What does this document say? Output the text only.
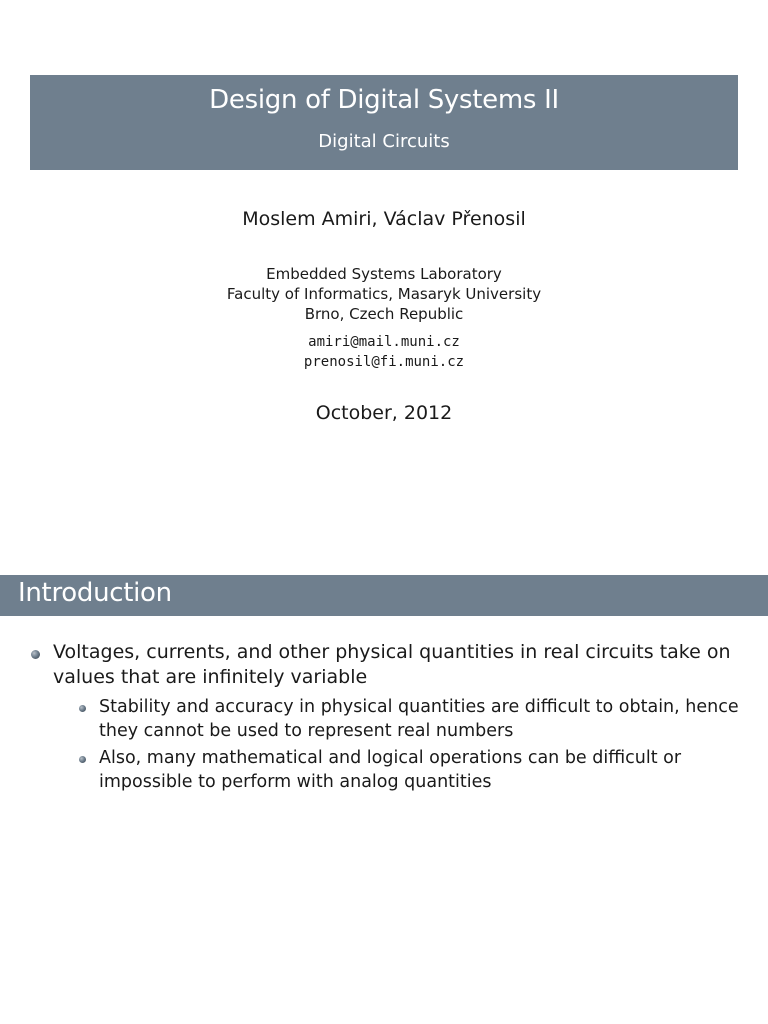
Design of Digital Systems II
Digital Circuits
Moslem Amiri, Václav Přenosil
Embedded Systems Laboratory
Faculty of Informatics, Masaryk University
Brno, Czech Republic
amiri@mail.muni.cz
prenosil@fi.muni.cz
October, 2012
Introduction
Voltages, currents, and other physical quantities in real circuits take on
values that are infinitely variable
Stability and accuracy in physical quantities are difficult to obtain, hence
they cannot be used to represent real numbers
Also, many mathematical and logical operations can be difficult or
impossible to perform with analog quantities
